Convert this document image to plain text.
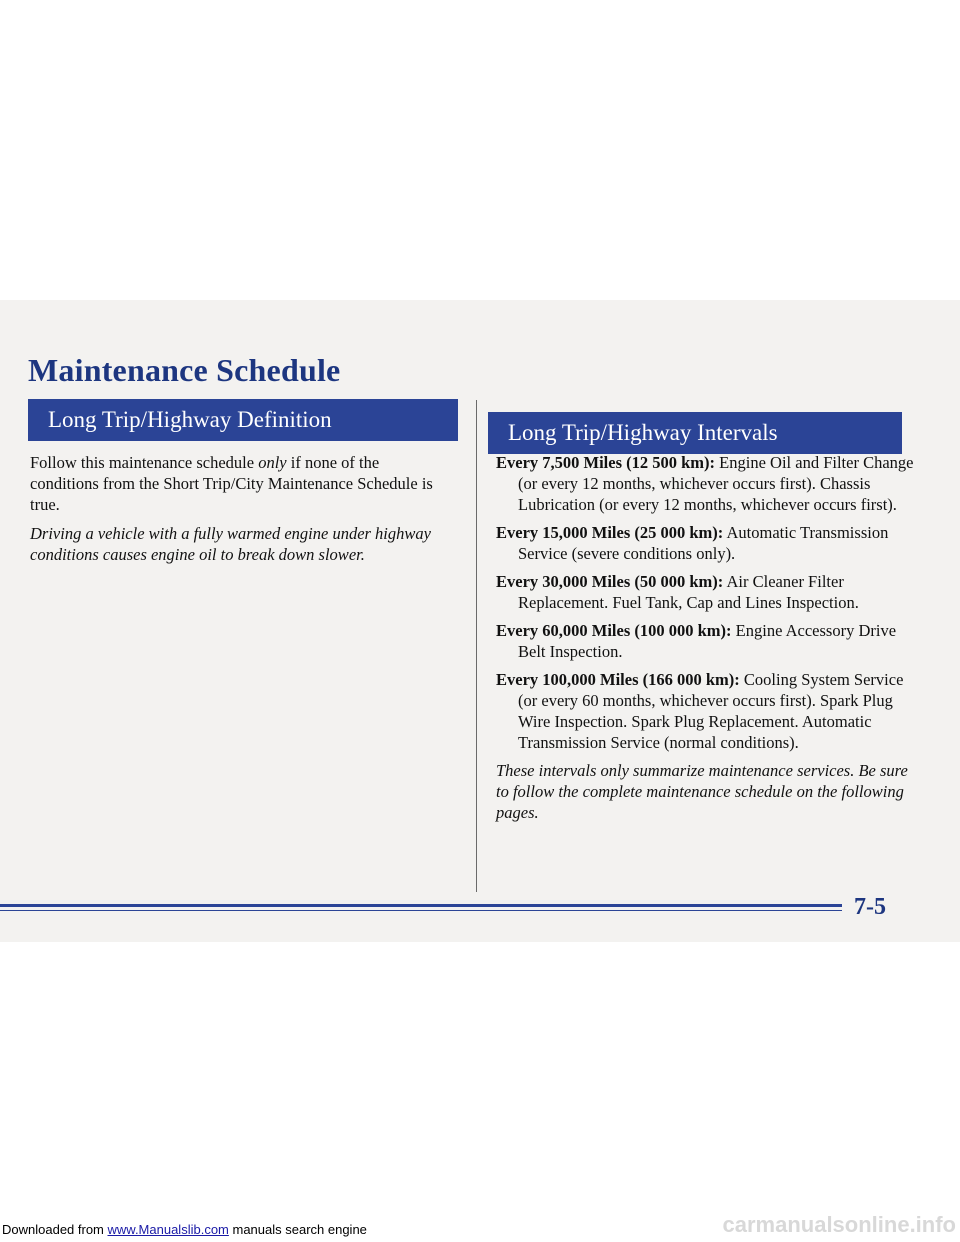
Maintenance Schedule
Long Trip/Highway Definition
Long Trip/Highway Intervals

Follow this maintenance schedule only if none of the conditions from the Short Trip/City Maintenance Schedule is true.

Driving a vehicle with a fully warmed engine under highway conditions causes engine oil to break down slower.

Every 7,500 Miles (12 500 km): Engine Oil and Filter Change (or every 12 months, whichever occurs first). Chassis Lubrication (or every 12 months, whichever occurs first).

Every 15,000 Miles (25 000 km): Automatic Transmission Service (severe conditions only).

Every 30,000 Miles (50 000 km): Air Cleaner Filter Replacement. Fuel Tank, Cap and Lines Inspection.

Every 60,000 Miles (100 000 km): Engine Accessory Drive Belt Inspection.

Every 100,000 Miles (166 000 km): Cooling System Service (or every 60 months, whichever occurs first). Spark Plug Wire Inspection. Spark Plug Replacement. Automatic Transmission Service (normal conditions).

These intervals only summarize maintenance services. Be sure to follow the complete maintenance schedule on the following pages.

7-5
Downloaded from www.Manualslib.com manuals search engine	carmanualsonline.info
